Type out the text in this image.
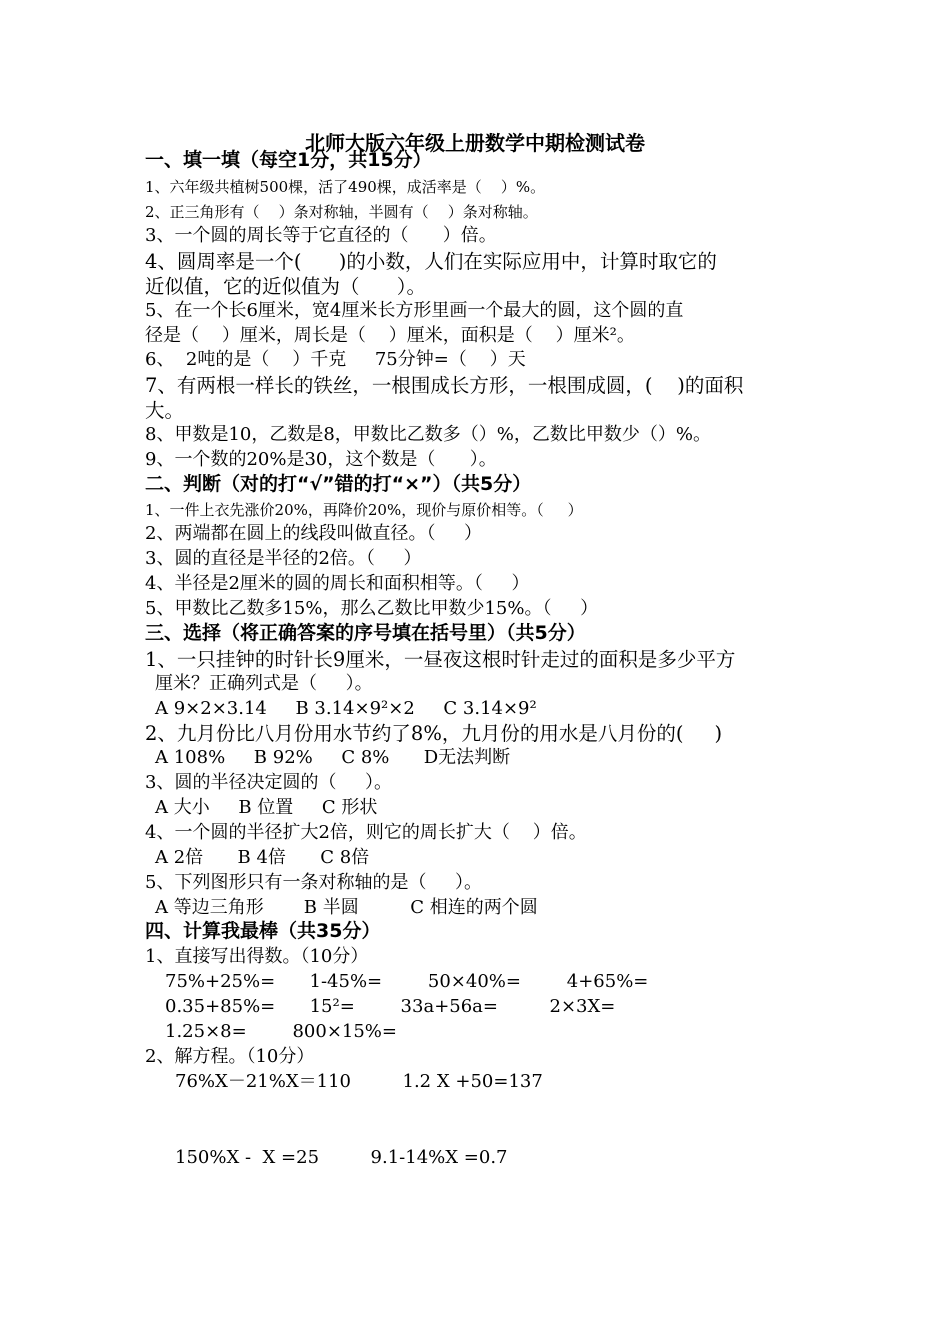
北师大版六年级上册数学中期检测试卷
一、填一填（每空1分，共15分）
1、六年级共植树500棵，活了490棵，成活率是（    ）%。
2、正三角形有（    ）条对称轴，半圆有（    ）条对称轴。
3、一个圆的周长等于它直径的（      ）倍。
4、圆周率是一个(      )的小数，人们在实际应用中，计算时取它的
近似值，它的近似值为（      ）。
5、在一个长6厘米，宽4厘米长方形里画一个最大的圆，这个圆的直
径是（    ）厘米，周长是（    ）厘米，面积是（    ）厘米²。
6、  2吨的是（    ）千克     75分钟=（    ）天
7、有两根一样长的铁丝，一根围成长方形，一根围成圆，(    )的面积
大。
8、甲数是10，乙数是8，甲数比乙数多（）%，乙数比甲数少（）%。
9、一个数的20%是30，这个数是（      ）。
二、判断（对的打“√”错的打“×”）（共5分）
1、一件上衣先涨价20%，再降价20%，现价与原价相等。（     ）
2、两端都在圆上的线段叫做直径。（     ）
3、圆的直径是半径的2倍。（     ）
4、半径是2厘米的圆的周长和面积相等。（     ）
5、甲数比乙数多15%，那么乙数比甲数少15%。（     ）
三、选择（将正确答案的序号填在括号里）（共5分）
1、一只挂钟的时针长9厘米，一昼夜这根时针走过的面积是多少平方
厘米？正确列式是（     ）。
A 9×2×3.14     B 3.14×9²×2     C 3.14×9²
2、九月份比八月份用水节约了8%，九月份的用水是八月份的(     )
A 108%     B 92%     C 8%      D无法判断
3、圆的半径决定圆的（     ）。
A 大小     B 位置     C 形状
4、一个圆的半径扩大2倍，则它的周长扩大（    ）倍。
A 2倍      B 4倍      C 8倍
5、下列图形只有一条对称轴的是（     ）。
A 等边三角形       B 半圆         C 相连的两个圆
四、计算我最棒（共35分）
1、直接写出得数。（10分）
75%+25%=      1-45%=        50×40%=        4+65%=
0.35+85%=      15²=        33a+56a=         2×3X=
1.25×8=        800×15%=
2、解方程。（10分）
76%X－21%X＝110         1.2 X +50=137
150%X -  X =25         9.1-14%X =0.7
